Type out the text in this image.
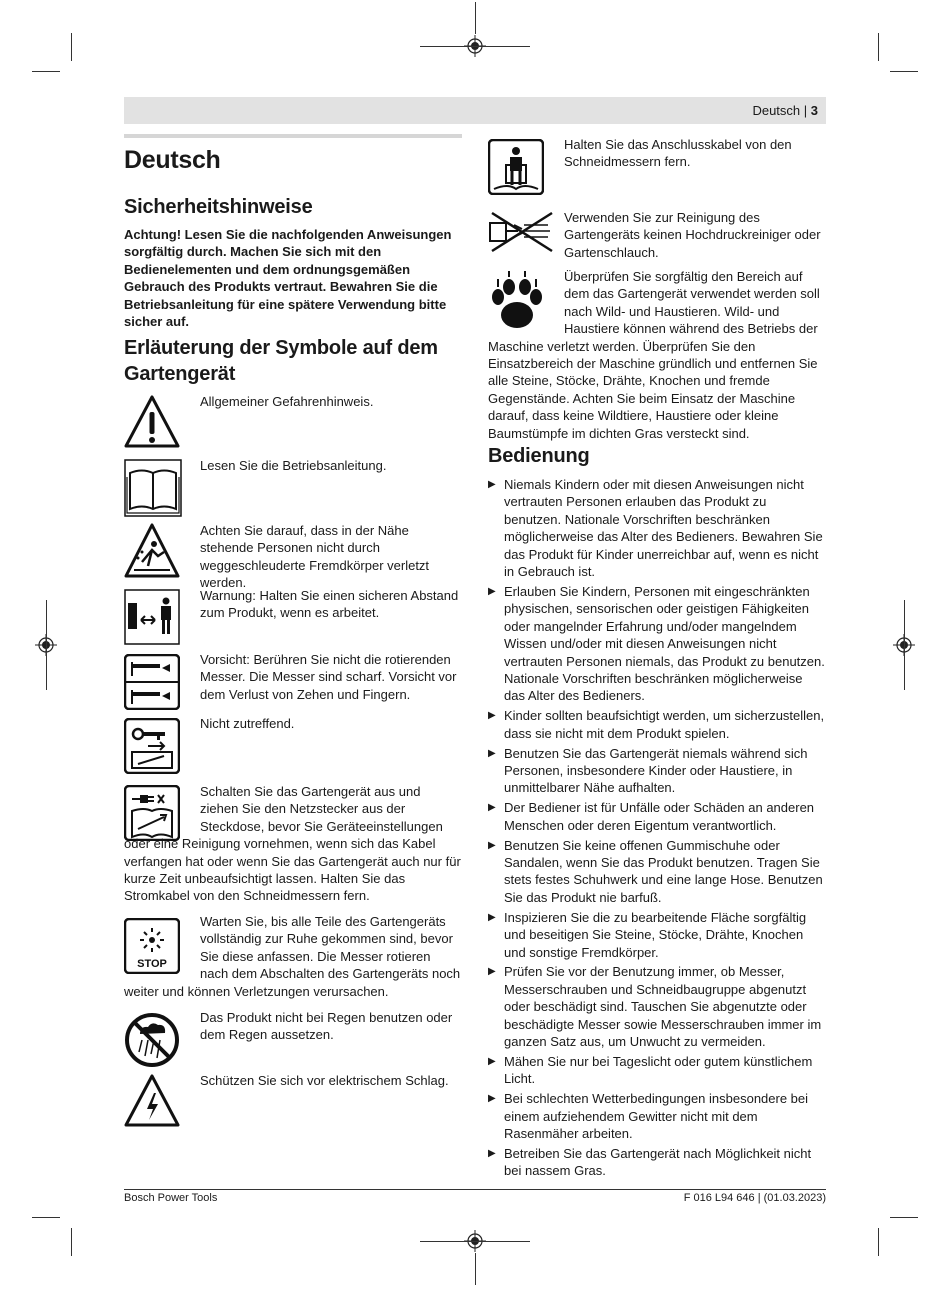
Deutsch | 3
Deutsch
Sicherheitshinweise
Achtung! Lesen Sie die nachfolgenden Anweisungen sorgfältig durch. Machen Sie sich mit den Bedienelementen und dem ordnungsgemäßen Gebrauch des Produkts vertraut. Bewahren Sie die Betriebsanleitung für eine spätere Verwendung bitte sicher auf.
Erläuterung der Symbole auf dem Gartengerät
Allgemeiner Gefahrenhinweis.
Lesen Sie die Betriebsanleitung.
Achten Sie darauf, dass in der Nähe stehende Personen nicht durch weggeschleuderte Fremdkörper verletzt werden.
Warnung: Halten Sie einen sicheren Abstand zum Produkt, wenn es arbeitet.
Vorsicht: Berühren Sie nicht die rotierenden Messer. Die Messer sind scharf. Vorsicht vor dem Verlust von Zehen und Fingern.
Nicht zutreffend.
Schalten Sie das Gartengerät aus und ziehen Sie den Netzstecker aus der Steckdose, bevor Sie Geräteeinstellungen oder eine Reinigung vornehmen, wenn sich das Kabel verfangen hat oder wenn Sie das Gartengerät auch nur für kurze Zeit unbeaufsichtigt lassen. Halten Sie das Stromkabel von den Schneidmessern fern.
STOP
Warten Sie, bis alle Teile des Gartengeräts vollständig zur Ruhe gekommen sind, bevor Sie diese anfassen. Die Messer rotieren nach dem Abschalten des Gartengeräts noch weiter und können Verletzungen verursachen.
Das Produkt nicht bei Regen benutzen oder dem Regen aussetzen.
Schützen Sie sich vor elektrischem Schlag.
Halten Sie das Anschlusskabel von den Schneidmessern fern.
Verwenden Sie zur Reinigung des Gartengeräts keinen Hochdruckreiniger oder Gartenschlauch.
Überprüfen Sie sorgfältig den Bereich auf dem das Gartengerät verwendet werden soll nach Wild- und Haustieren. Wild- und Haustiere können während des Betriebs der Maschine verletzt werden. Überprüfen Sie den Einsatzbereich der Maschine gründlich und entfernen Sie alle Steine, Stöcke, Drähte, Knochen und fremde Gegenstände. Achten Sie beim Einsatz der Maschine darauf, dass keine Wildtiere, Haustiere oder kleine Baumstümpfe im dichten Gras versteckt sind.
Bedienung
▶ Niemals Kindern oder mit diesen Anweisungen nicht vertrauten Personen erlauben das Produkt zu benutzen. Nationale Vorschriften beschränken möglicherweise das Alter des Bedieners. Bewahren Sie das Produkt für Kinder unerreichbar auf, wenn es nicht in Gebrauch ist.
▶ Erlauben Sie Kindern, Personen mit eingeschränkten physischen, sensorischen oder geistigen Fähigkeiten oder mangelnder Erfahrung und/oder mangelndem Wissen und/oder mit diesen Anweisungen nicht vertrauten Personen niemals, das Produkt zu benutzen. Nationale Vorschriften beschränken möglicherweise das Alter des Bedieners.
▶ Kinder sollten beaufsichtigt werden, um sicherzustellen, dass sie nicht mit dem Produkt spielen.
▶ Benutzen Sie das Gartengerät niemals während sich Personen, insbesondere Kinder oder Haustiere, in unmittelbarer Nähe aufhalten.
▶ Der Bediener ist für Unfälle oder Schäden an anderen Menschen oder deren Eigentum verantwortlich.
▶ Benutzen Sie keine offenen Gummischuhe oder Sandalen, wenn Sie das Produkt benutzen. Tragen Sie stets festes Schuhwerk und eine lange Hose. Benutzen Sie das Produkt nie barfuß.
▶ Inspizieren Sie die zu bearbeitende Fläche sorgfältig und beseitigen Sie Steine, Stöcke, Drähte, Knochen und sonstige Fremdkörper.
▶ Prüfen Sie vor der Benutzung immer, ob Messer, Messerschrauben und Schneidbaugruppe abgenutzt oder beschädigt sind. Tauschen Sie abgenutzte oder beschädigte Messer sowie Messerschrauben immer im ganzen Satz aus, um Unwucht zu vermeiden.
▶ Mähen Sie nur bei Tageslicht oder gutem künstlichem Licht.
▶ Bei schlechten Wetterbedingungen insbesondere bei einem aufziehendem Gewitter nicht mit dem Rasenmäher arbeiten.
▶ Betreiben Sie das Gartengerät nach Möglichkeit nicht bei nassem Gras.
Bosch Power Tools	F 016 L94 646 | (01.03.2023)
